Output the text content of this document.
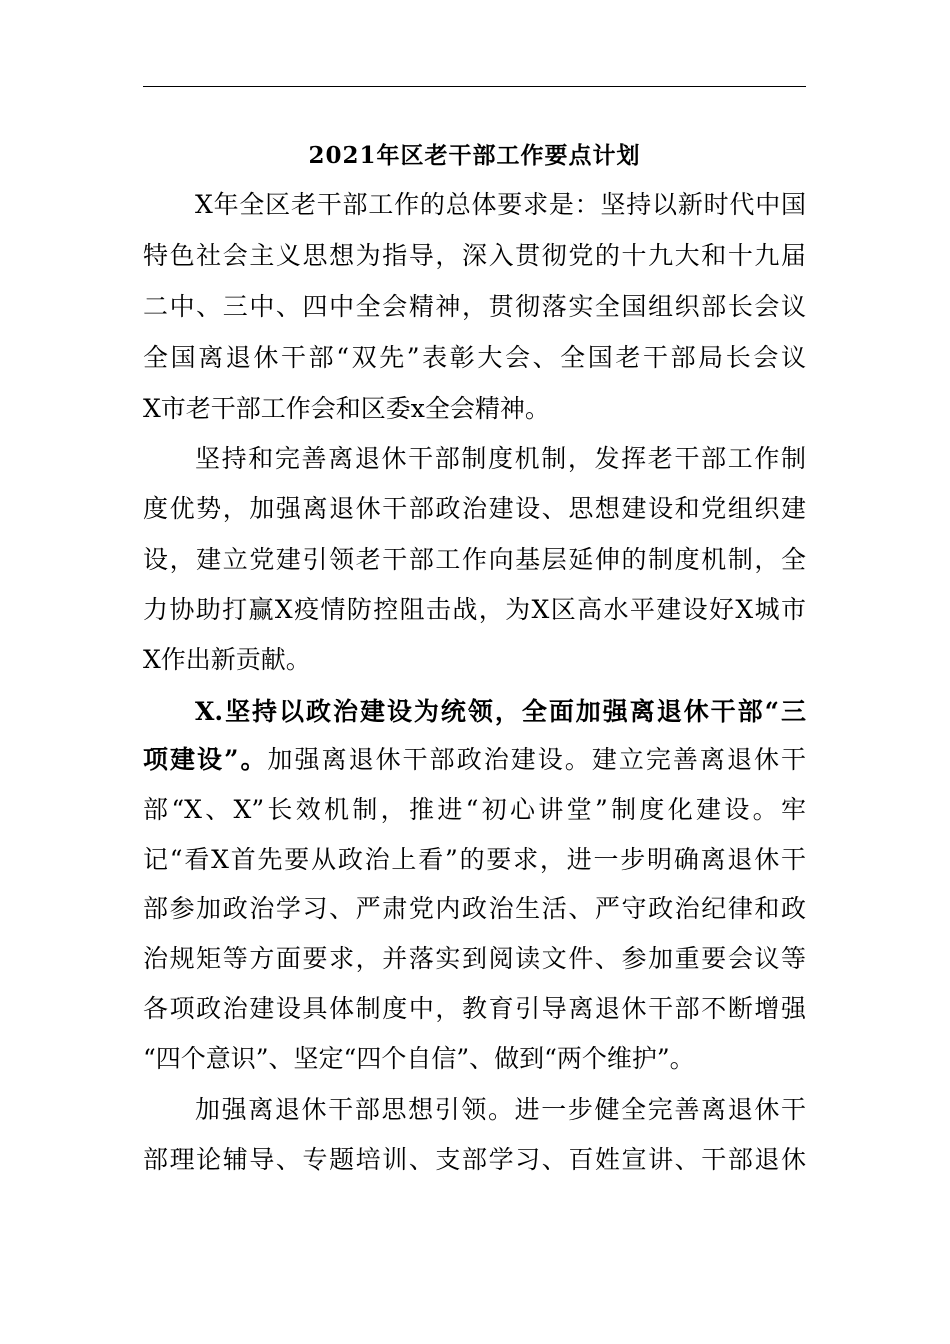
2021年区老干部工作要点计划
X年全区老干部工作的总体要求是：坚持以新时代中国
特色社会主义思想为指导，深入贯彻党的十九大和十九届
二中、三中、四中全会精神，贯彻落实全国组织部长会议
全国离退休干部“双先”表彰大会、全国老干部局长会议
X市老干部工作会和区委x全会精神。
坚持和完善离退休干部制度机制，发挥老干部工作制
度优势，加强离退休干部政治建设、思想建设和党组织建
设，建立党建引领老干部工作向基层延伸的制度机制，全
力协助打赢X疫情防控阻击战，为X区高水平建设好X城市
X作出新贡献。
X.坚持以政治建设为统领，全面加强离退休干部“三
项建设”。加强离退休干部政治建设。建立完善离退休干
部“X、X”长效机制，推进“初心讲堂”制度化建设。牢
记“看X首先要从政治上看”的要求，进一步明确离退休干
部参加政治学习、严肃党内政治生活、严守政治纪律和政
治规矩等方面要求，并落实到阅读文件、参加重要会议等
各项政治建设具体制度中，教育引导离退休干部不断增强
“四个意识”、坚定“四个自信”、做到“两个维护”。
加强离退休干部思想引领。进一步健全完善离退休干
部理论辅导、专题培训、支部学习、百姓宣讲、干部退休
